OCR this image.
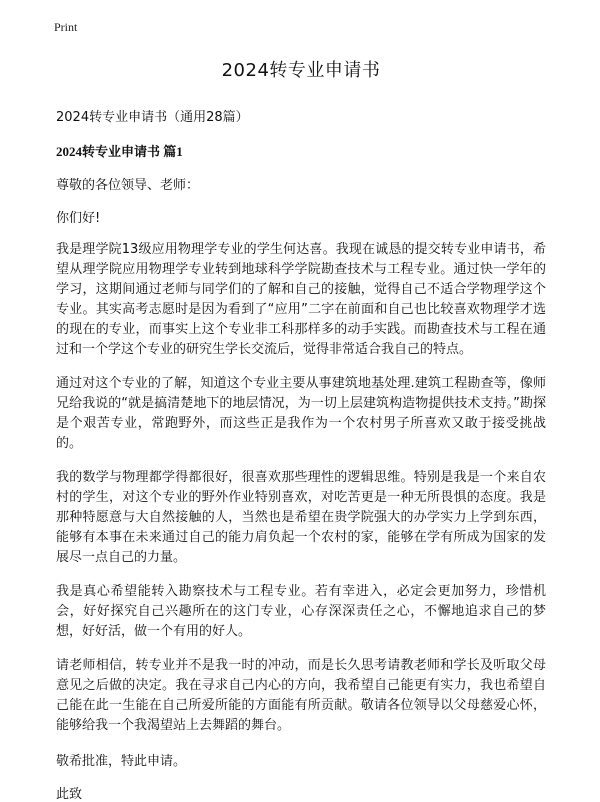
Print
2024转专业申请书

2024转专业申请书（通用28篇）

2024转专业申请书 篇1

尊敬的各位领导、老师：

你们好!

我是理学院13级应用物理学专业的学生何达喜。我现在诚恳的提交转专业申请书，希望从理学院应用物理学专业转到地球科学学院勘查技术与工程专业。通过快一学年的学习，这期间通过老师与同学们的了解和自己的接触，觉得自己不适合学物理学这个专业。其实高考志愿时是因为看到了“应用”二字在前面和自己也比较喜欢物理学才选的现在的专业，而事实上这个专业非工科那样多的动手实践。而勘查技术与工程在通过和一个学这个专业的研究生学长交流后，觉得非常适合我自己的特点。

通过对这个专业的了解，知道这个专业主要从事建筑地基处理.建筑工程勘查等，像师兄给我说的“就是搞清楚地下的地层情况，为一切上层建筑构造物提供技术支持。”勘探是个艰苦专业，常跑野外，而这些正是我作为一个农村男子所喜欢又敢于接受挑战的。

我的数学与物理都学得都很好，很喜欢那些理性的逻辑思维。特别是我是一个来自农村的学生，对这个专业的野外作业特别喜欢，对吃苦更是一种无所畏惧的态度。我是那种特愿意与大自然接触的人，当然也是希望在贵学院强大的办学实力上学到东西，能够有本事在未来通过自己的能力肩负起一个农村的家，能够在学有所成为国家的发展尽一点自己的力量。

我是真心希望能转入勘察技术与工程专业。若有幸进入，必定会更加努力，珍惜机会，好好探究自己兴趣所在的这门专业，心存深深责任之心，不懈地追求自己的梦想，好好活，做一个有用的好人。

请老师相信，转专业并不是我一时的冲动，而是长久思考请教老师和学长及听取父母意见之后做的决定。我在寻求自己内心的方向，我希望自己能更有实力，我也希望自己能在此一生能在自己所爱所能的方面能有所贡献。敬请各位领导以父母慈爱心怀，能够给我一个我渴望站上去舞蹈的舞台。

敬希批准，特此申请。

此致
